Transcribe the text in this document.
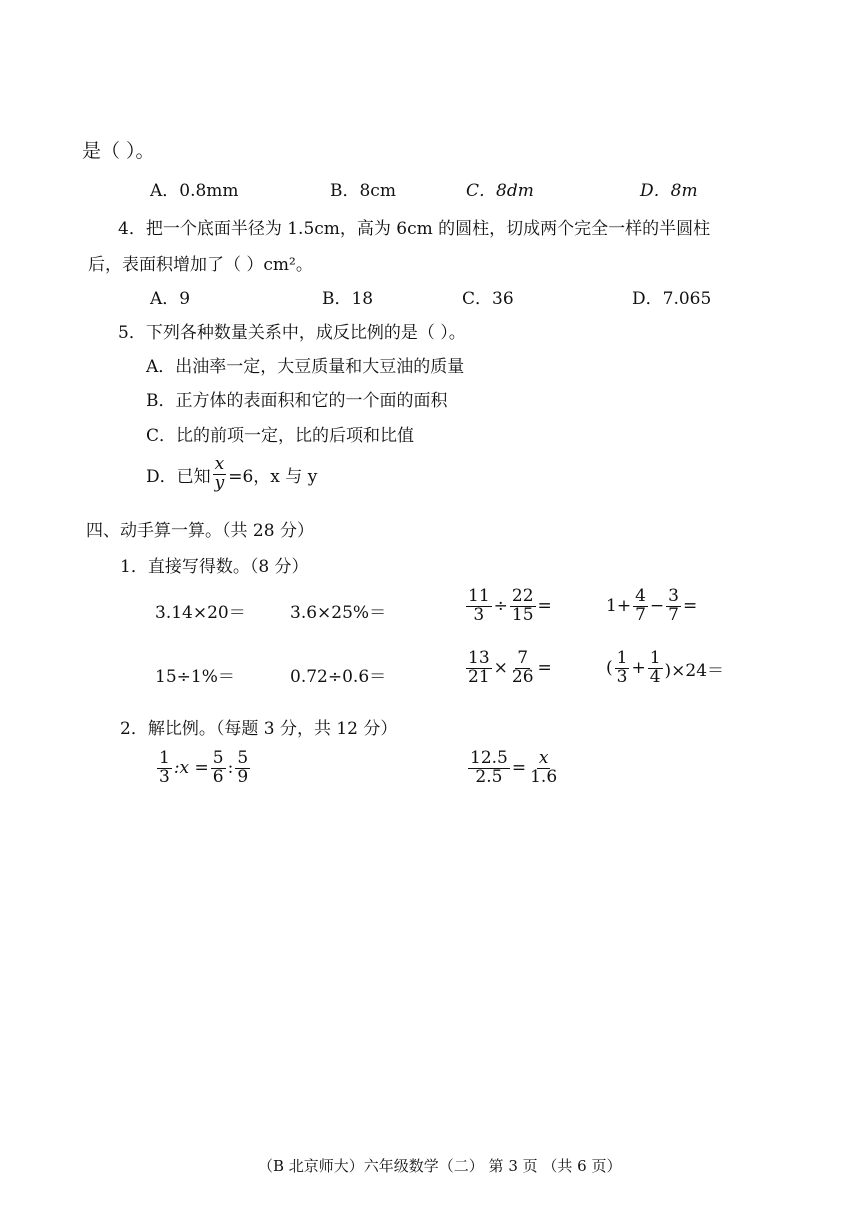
是（ ）。
A．0.8mm	B．8cm	C．8dm	D．8m
4．把一个底面半径为 1.5cm，高为 6cm 的圆柱，切成两个完全一样的半圆柱
后，表面积增加了（ ）cm²。
A．9	B．18	C．36	D．7.065
5．下列各种数量关系中，成反比例的是（ ）。
A．出油率一定，大豆质量和大豆油的质量
B．正方体的表面积和它的一个面的面积
C．比的前项一定，比的后项和比值
D．已知 $\frac{x}{y} =6$，x 与 y
四、动手算一算。（共 28 分）
1．直接写得数。（8 分）
3.14×20＝	3.6×25%＝	$\frac{11}{3} \div \frac{22}{15}$ =	$1+ \frac{4}{7} - \frac{3}{7}$ =
15÷1%＝	0.72÷0.6＝	$\frac{13}{21} \times \frac{7}{26}$ =	( $\frac{1}{3} + \frac{1}{4} )\times 24=$
2．解比例。（每题 3 分，共 12 分）
$\frac{1}{3}$ :x = $\frac{5}{6}$ : $\frac{5}{9}$	$\frac{12.5}{2.5} = \frac{x}{1.6}$
（B 北京师大）六年级数学（二） 第 3 页 （共 6 页）
